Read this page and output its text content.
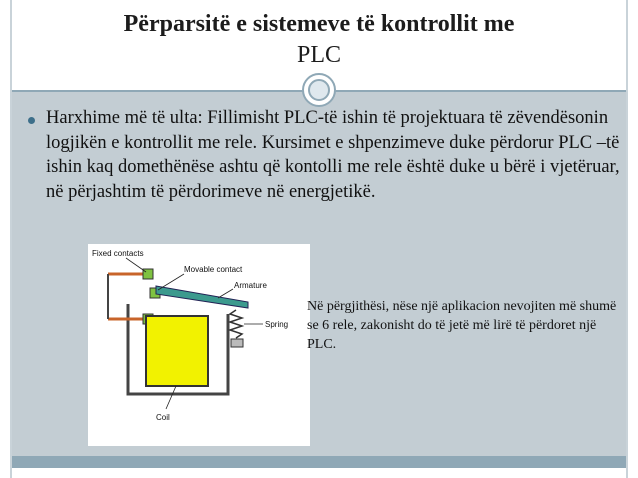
Përparsitë e sistemeve të kontrollit me
PLC
Harxhime më të ulta: Fillimisht PLC-të ishin të projektuara të zëvendësonin logjikën e kontrollit me rele. Kursimet e shpenzimeve duke përdorur PLC –të ishin kaq domethënëse ashtu që kontolli me rele është duke u bërë i vjetëruar, në përjashtim të përdorimeve në energjetikë.
Fixed contacts
Movable contact
Armature
Spring
Coil
Në përgjithësi, nëse një aplikacion nevojiten më shumë se 6 rele, zakonisht do të jetë më lirë të përdoret një PLC.
